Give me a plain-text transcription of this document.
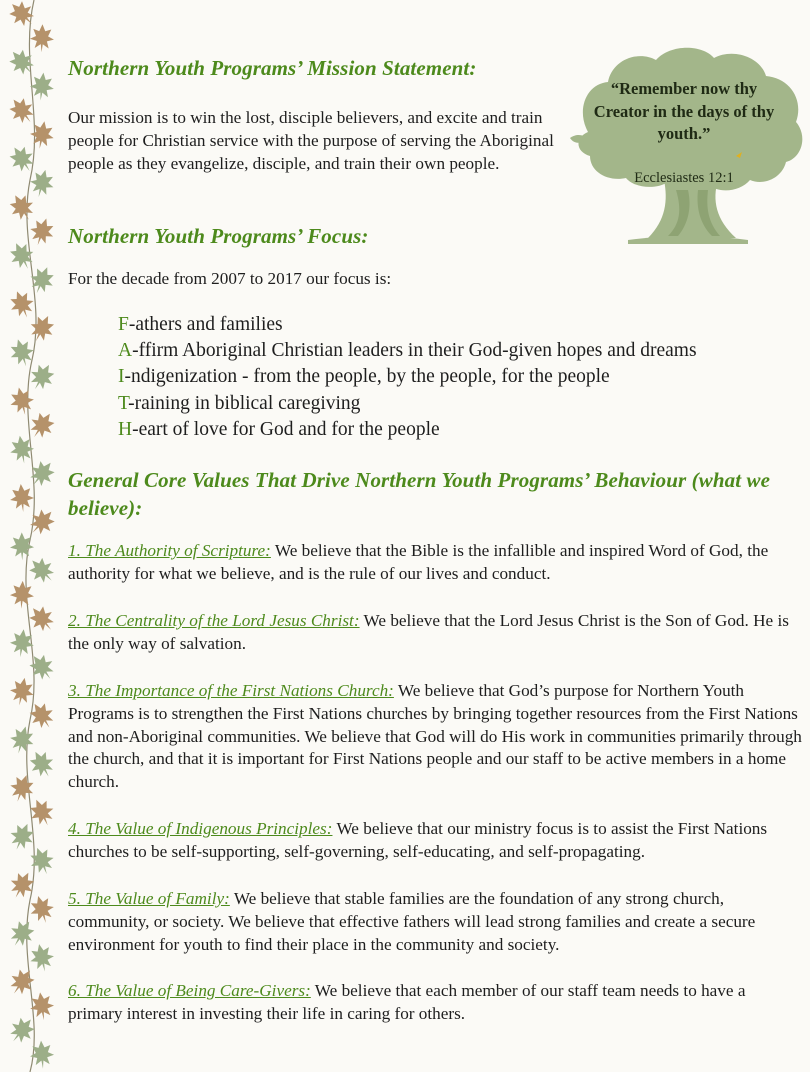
Northern Youth Programs’ Mission Statement:

Our mission is to win the lost, disciple believers, and excite and train people for Christian service with the purpose of serving the Aboriginal people as they evangelize, disciple, and train their own people.

Northern Youth Programs’ Focus:

For the decade from 2007 to 2017 our focus is:

F-athers and families
A-ffirm Aboriginal Christian leaders in their God-given hopes and dreams
I-ndigenization - from the people, by the people, for the people
T-raining in biblical caregiving
H-eart of love for God and for the people
General Core Values That Drive Northern Youth Programs’ Behaviour (what we believe):

1. The Authority of Scripture: We believe that the Bible is the infallible and inspired Word of God, the authority for what we believe, and is the rule of our lives and conduct.

2. The Centrality of the Lord Jesus Christ: We believe that the Lord Jesus Christ is the Son of God. He is the only way of salvation.

3. The Importance of the First Nations Church: We believe that God’s purpose for Northern Youth Programs is to strengthen the First Nations churches by bringing together resources from the First Nations and non-Aboriginal communities. We believe that God will do His work in communities primarily through the church, and that it is important for First Nations people and our staff to be active members in a home church.

4. The Value of Indigenous Principles: We believe that our ministry focus is to assist the First Nations churches to be self-supporting, self-governing, self-educating, and self-propagating.

5. The Value of Family: We believe that stable families are the foundation of any strong church, community, or society. We believe that effective fathers will lead strong families and create a secure environment for youth to find their place in the community and society.

6. The Value of Being Care-Givers: We believe that each member of our staff team needs to have a primary interest in investing their life in caring for others.

“Remember now thy Creator in the days of thy youth.”
Ecclesiastes 12:1
